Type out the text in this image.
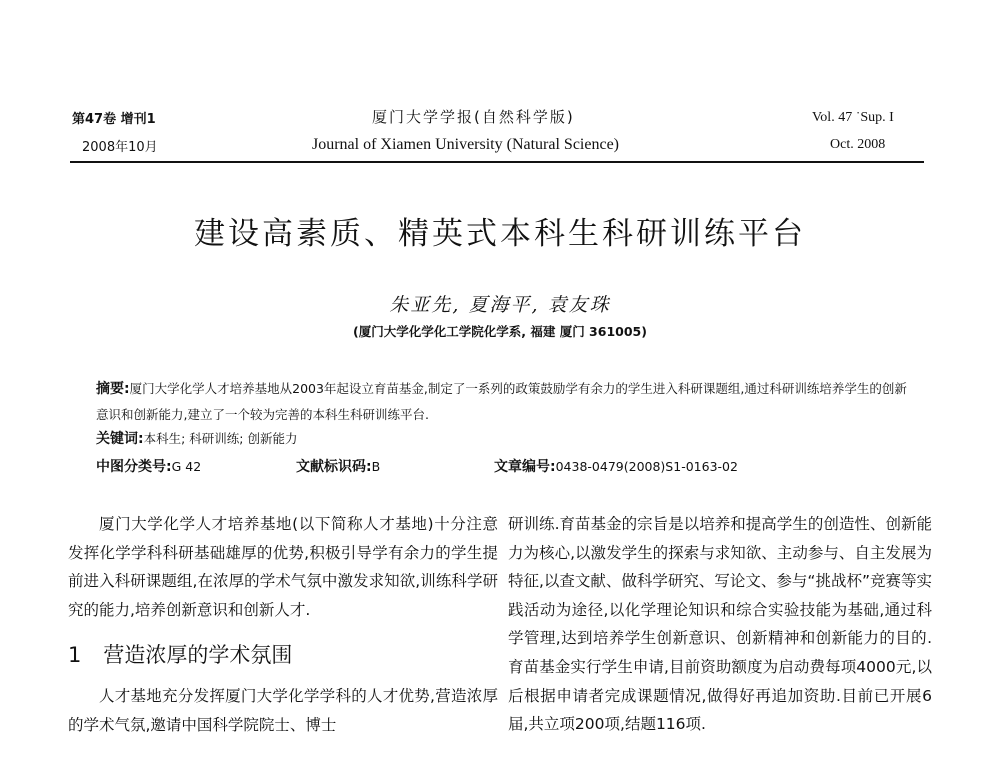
第47卷 增刊1
2008年10月
厦门大学学报(自然科学版)
Journal of Xiamen University (Natural Science)
Vol. 47 ˙Sup. I
Oct. 2008
建设高素质、精英式本科生科研训练平台
朱亚先, 夏海平, 袁友珠
(厦门大学化学化工学院化学系, 福建 厦门 361005)
摘要:厦门大学化学人才培养基地从2003年起设立育苗基金,制定了一系列的政策鼓励学有余力的学生进入科研课题组,通过科研训练培养学生的创新意识和创新能力,建立了一个较为完善的本科生科研训练平台.
关键词:本科生; 科研训练; 创新能力
中图分类号:G 42	文献标识码:B	文章编号:0438-0479(2008)S1-0163-02

厦门大学化学人才培养基地(以下简称人才基地)十分注意发挥化学学科科研基础雄厚的优势,积极引导学有余力的学生提前进入科研课题组,在浓厚的学术气氛中激发求知欲,训练科学研究的能力,培养创新意识和创新人才.

1 营造浓厚的学术氛围

人才基地充分发挥厦门大学化学学科的人才优势,营造浓厚的学术气氛,邀请中国科学院院士、博士

研训练.育苗基金的宗旨是以培养和提高学生的创造性、创新能力为核心,以激发学生的探索与求知欲、主动参与、自主发展为特征,以查文献、做科学研究、写论文、参与“挑战杯”竞赛等实践活动为途径,以化学理论知识和综合实验技能为基础,通过科学管理,达到培养学生创新意识、创新精神和创新能力的目的.育苗基金实行学生申请,目前资助额度为启动费每项4000元,以后根据申请者完成课题情况,做得好再追加资助.目前已开展6届,共立项200项,结题116项.
